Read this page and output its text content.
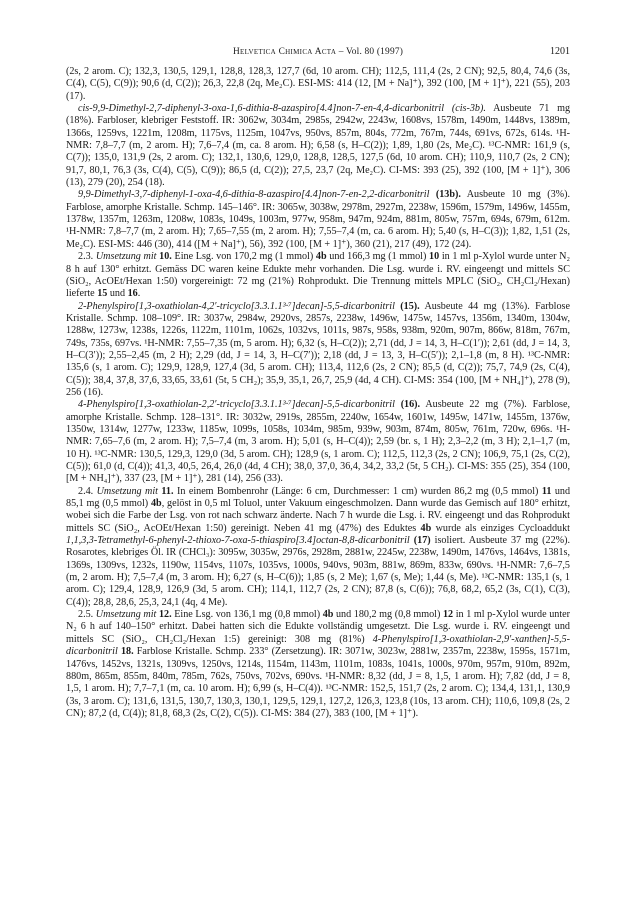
Helvetica Chimica Acta – Vol. 80 (1997)	1201

(2s, 2 arom. C); 132,3, 130,5, 129,1, 128,8, 128,3, 127,7 (6d, 10 arom. CH); 112,5, 111,4 (2s, 2 CN); 92,5, 80,4, 74,6 (3s, C(4), C(5), C(9)); 90,6 (d, C(2)); 26,3, 22,8 (2q, Me₂C). ESI-MS: 414 (12, [M + Na]⁺), 392 (100, [M + 1]⁺), 221 (55), 203 (17).

cis-9,9-Dimethyl-2,7-diphenyl-3-oxa-1,6-dithia-8-azaspiro[4.4]non-7-en-4,4-dicarbonitril (cis-3b). Ausbeute 71 mg (18%). Farbloser, klebriger Feststoff. IR: 3062w, 3034m, 2985s, 2942w, 2243w, 1608vs, 1578m, 1490m, 1448vs, 1389m, 1366s, 1259vs, 1221m, 1208m, 1175vs, 1125m, 1047vs, 950vs, 857m, 804s, 772m, 767m, 744s, 691vs, 672s, 614s. ¹H-NMR: 7,8–7,7 (m, 2 arom. H); 7,6–7,4 (m, ca. 8 arom. H); 6,58 (s, H–C(2)); 1,89, 1,80 (2s, Me₂C). ¹³C-NMR: 161,9 (s, C(7)); 135,0, 131,9 (2s, 2 arom. C); 132,1, 130,6, 129,0, 128,8, 128,5, 127,5 (6d, 10 arom. CH); 110,9, 110,7 (2s, 2 CN); 91,7, 80,1, 76,3 (3s, C(4), C(5), C(9)); 86,5 (d, C(2)); 27,5, 23,7 (2q, Me₂C). CI-MS: 393 (25), 392 (100, [M + 1]⁺), 306 (13), 279 (20), 254 (18).

9,9-Dimethyl-3,7-diphenyl-1-oxa-4,6-dithia-8-azaspiro[4.4]non-7-en-2,2-dicarbonitril (13b). Ausbeute 10 mg (3%). Farblose, amorphe Kristalle. Schmp. 145–146°. IR: 3065w, 3038w, 2978m, 2927m, 2238w, 1596m, 1579m, 1496w, 1455m, 1378w, 1357m, 1263m, 1208w, 1083s, 1049s, 1003m, 977w, 958m, 947m, 924m, 881m, 805w, 757m, 694s, 679m, 612m. ¹H-NMR: 7,8–7,7 (m, 2 arom. H); 7,65–7,55 (m, 2 arom. H); 7,55–7,4 (m, ca. 6 arom. H); 5,40 (s, H–C(3)); 1,82, 1,51 (2s, Me₂C). ESI-MS: 446 (30), 414 ([M + Na]⁺), 56), 392 (100, [M + 1]⁺), 360 (21), 217 (49), 172 (24).

2.3. Umsetzung mit 10. Eine Lsg. von 170,2 mg (1 mmol) 4b und 166,3 mg (1 mmol) 10 in 1 ml p-Xylol wurde unter N₂ 8 h auf 130° erhitzt. Gemäss DC waren keine Edukte mehr vorhanden. Die Lsg. wurde i. RV. eingeengt und mittels SC (SiO₂, AcOEt/Hexan 1:50) vorgereinigt: 72 mg (21%) Rohprodukt. Die Trennung mittels MPLC (SiO₂, CH₂Cl₂/Hexan) lieferte 15 und 16.

2-Phenylspiro[1,3-oxathiolan-4,2′-tricyclo[3.3.1.1³·⁷]decan]-5,5-dicarbonitril (15). Ausbeute 44 mg (13%). Farblose Kristalle. Schmp. 108–109°. IR: 3037w, 2984w, 2920vs, 2857s, 2238w, 1496w, 1475w, 1457vs, 1356m, 1340m, 1304w, 1288w, 1273w, 1238s, 1226s, 1122m, 1101m, 1062s, 1032vs, 1011s, 987s, 958s, 938m, 920m, 907m, 866w, 818m, 767m, 749s, 735s, 697vs. ¹H-NMR: 7,55–7,35 (m, 5 arom. H); 6,32 (s, H–C(2)); 2,71 (dd, J = 14, 3, H–C(1′)); 2,61 (dd, J = 14, 3, H–C(3′)); 2,55–2,45 (m, 2 H); 2,29 (dd, J = 14, 3, H–C(7′)); 2,18 (dd, J = 13, 3, H–C(5′)); 2,1–1,8 (m, 8 H). ¹³C-NMR: 135,6 (s, 1 arom. C); 129,9, 128,9, 127,4 (3d, 5 arom. CH); 113,4, 112,6 (2s, 2 CN); 85,5 (d, C(2)); 75,7, 74,9 (2s, C(4), C(5)); 38,4, 37,8, 37,6, 33,65, 33,61 (5t, 5 CH₂); 35,9, 35,1, 26,7, 25,9 (4d, 4 CH). CI-MS: 354 (100, [M + NH₄]⁺), 278 (9), 256 (16).

4-Phenylspiro[1,3-oxathiolan-2,2′-tricyclo[3.3.1.1³·⁷]decan]-5,5-dicarbonitril (16). Ausbeute 22 mg (7%). Farblose, amorphe Kristalle. Schmp. 128–131°. IR: 3032w, 2919s, 2855m, 2240w, 1654w, 1601w, 1495w, 1471w, 1455m, 1376w, 1350w, 1314w, 1277w, 1233w, 1185w, 1099s, 1058s, 1034m, 985m, 939w, 903m, 874m, 805w, 761m, 720w, 696s. ¹H-NMR: 7,65–7,6 (m, 2 arom. H); 7,5–7,4 (m, 3 arom. H); 5,01 (s, H–C(4)); 2,59 (br. s, 1 H); 2,3–2,2 (m, 3 H); 2,1–1,7 (m, 10 H). ¹³C-NMR: 130,5, 129,3, 129,0 (3d, 5 arom. CH); 128,9 (s, 1 arom. C); 112,5, 112,3 (2s, 2 CN); 106,9, 75,1 (2s, C(2), C(5)); 61,0 (d, C(4)); 41,3, 40,5, 26,4, 26,0 (4d, 4 CH); 38,0, 37,0, 36,4, 34,2, 33,2 (5t, 5 CH₂). CI-MS: 355 (25), 354 (100, [M + NH₄]⁺), 337 (23, [M + 1]⁺), 281 (14), 256 (33).

2.4. Umsetzung mit 11. In einem Bombenrohr (Länge: 6 cm, Durchmesser: 1 cm) wurden 86,2 mg (0,5 mmol) 11 und 85,1 mg (0,5 mmol) 4b, gelöst in 0,5 ml Toluol, unter Vakuum eingeschmolzen. Dann wurde das Gemisch auf 180° erhitzt, wobei sich die Farbe der Lsg. von rot nach schwarz änderte. Nach 7 h wurde die Lsg. i. RV. eingeengt und das Rohprodukt mittels SC (SiO₂, AcOEt/Hexan 1:50) gereinigt. Neben 41 mg (47%) des Eduktes 4b wurde als einziges Cycloaddukt 1,1,3,3-Tetramethyl-6-phenyl-2-thioxo-7-oxa-5-thiaspiro[3.4]octan-8,8-dicarbonitril (17) isoliert. Ausbeute 37 mg (22%). Rosarotes, klebriges Öl. IR (CHCl₃): 3095w, 3035w, 2976s, 2928m, 2881w, 2245w, 2238w, 1490m, 1476vs, 1464vs, 1381s, 1369s, 1309vs, 1232s, 1190w, 1154vs, 1107s, 1035vs, 1000s, 940vs, 903m, 881w, 869m, 833w, 690vs. ¹H-NMR: 7,6–7,5 (m, 2 arom. H); 7,5–7,4 (m, 3 arom. H); 6,27 (s, H–C(6)); 1,85 (s, 2 Me); 1,67 (s, Me); 1,44 (s, Me). ¹³C-NMR: 135,1 (s, 1 arom. C); 129,4, 128,9, 126,9 (3d, 5 arom. CH); 114,1, 112,7 (2s, 2 CN); 87,8 (s, C(6)); 76,8, 68,2, 65,2 (3s, C(1), C(3), C(4)); 28,8, 28,6, 25,3, 24,1 (4q, 4 Me).

2.5. Umsetzung mit 12. Eine Lsg. von 136,1 mg (0,8 mmol) 4b und 180,2 mg (0,8 mmol) 12 in 1 ml p-Xylol wurde unter N₂ 6 h auf 140–150° erhitzt. Dabei hatten sich die Edukte vollständig umgesetzt. Die Lsg. wurde i. RV. eingeengt und mittels SC (SiO₂, CH₂Cl₂/Hexan 1:5) gereinigt: 308 mg (81%) 4-Phenylspiro[1,3-oxathiolan-2,9′-xanthen]-5,5-dicarbonitril 18. Farblose Kristalle. Schmp. 233° (Zersetzung). IR: 3071w, 3023w, 2881w, 2357m, 2238w, 1595s, 1571m, 1476vs, 1452vs, 1321s, 1309vs, 1250vs, 1214s, 1154m, 1143m, 1101m, 1083s, 1041s, 1000s, 970m, 957m, 910m, 892m, 880m, 865m, 855m, 840m, 785m, 762s, 750vs, 702vs, 690vs. ¹H-NMR: 8,32 (dd, J = 8, 1,5, 1 arom. H); 7,82 (dd, J = 8, 1,5, 1 arom. H); 7,7–7,1 (m, ca. 10 arom. H); 6,99 (s, H–C(4)). ¹³C-NMR: 152,5, 151,7 (2s, 2 arom. C); 134,4, 131,1, 130,9 (3s, 3 arom. C); 131,6, 131,5, 130,7, 130,3, 130,1, 129,5, 129,1, 127,2, 126,3, 123,8 (10s, 13 arom. CH); 110,6, 109,8 (2s, 2 CN); 87,2 (d, C(4)); 81,8, 68,3 (2s, C(2), C(5)). CI-MS: 384 (27), 383 (100, [M + 1]⁺).
